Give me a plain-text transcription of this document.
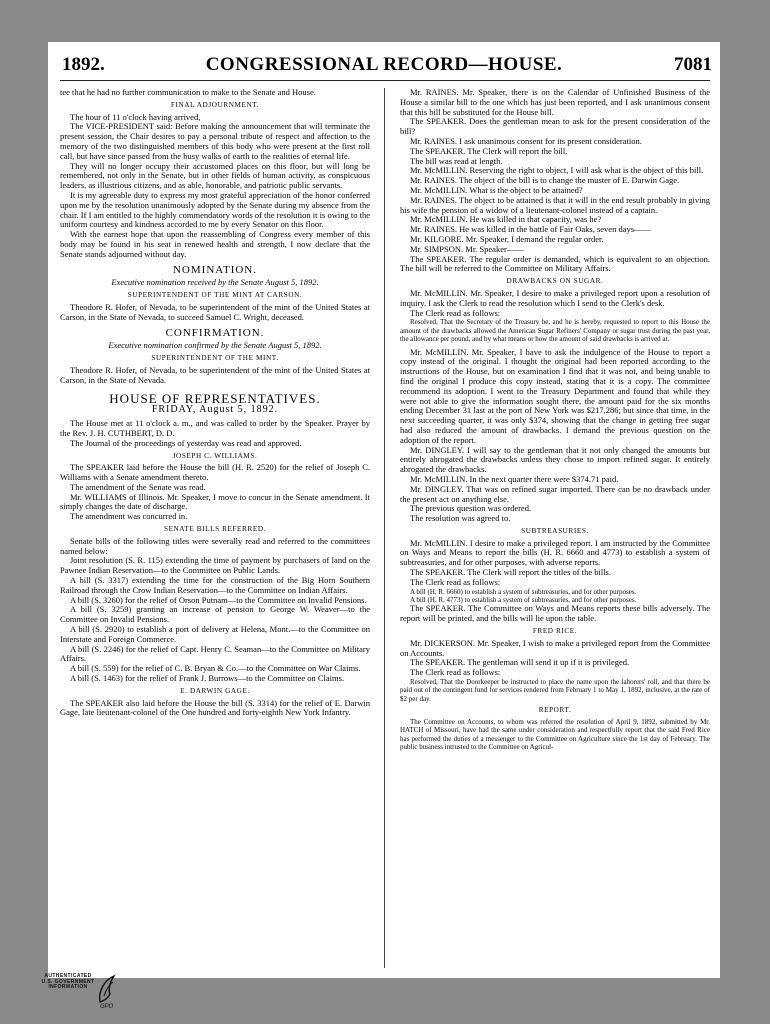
1892.	CONGRESSIONAL RECORD—HOUSE.	7081

tee that he had no further communication to make to the Senate and House.

FINAL ADJOURNMENT.

The hour of 11 o'clock having arrived,

The VICE-PRESIDENT said: Before making the announcement that will terminate the present session, the Chair desires to pay a personal tribute of respect and affection to the memory of the two distinguished members of this body who were present at the first roll call, but have since passed from the busy walks of earth to the realities of eternal life.

They will no longer occupy their accustomed places on this floor, but will long be remembered, not only in the Senate, but in other fields of human activity, as conspicuous leaders, as illustrious citizens, and as able, honorable, and patriotic public servants.

It is my agreeable duty to express my most grateful appreciation of the honor conferred upon me by the resolution unanimously adopted by the Senate during my absence from the chair. If I am entitled to the highly commendatory words of the resolution it is owing to the uniform courtesy and kindness accorded to me by every Senator on this floor.

With the earnest hope that upon the reassembling of Congress every member of this body may be found in his seat in renewed health and strength, I now declare that the Senate stands adjourned without day.

NOMINATION.
Executive nomination received by the Senate August 5, 1892.
SUPERINTENDENT OF THE MINT AT CARSON.

Theodore R. Hofer, of Nevada, to be superintendent of the mint of the United States at Carson, in the State of Nevada, to succeed Samuel C. Wright, deceased.

CONFIRMATION.
Executive nomination confirmed by the Senate August 5, 1892.
SUPERINTENDENT OF THE MINT.

Theodore R. Hofer, of Nevada, to be superintendent of the mint of the United States at Carson, in the State of Nevada.

HOUSE OF REPRESENTATIVES.
FRIDAY, August 5, 1892.

The House met at 11 o'clock a. m., and was called to order by the Speaker. Prayer by the Rev. J. H. CUTHBERT, D. D.

The Journal of the proceedings of yesterday was read and approved.

JOSEPH C. WILLIAMS.

The SPEAKER laid before the House the bill (H. R. 2520) for the relief of Joseph C. Williams with a Senate amendment thereto.

The amendment of the Senate was read.

Mr. WILLIAMS of Illinois. Mr. Speaker, I move to concur in the Senate amendment. It simply changes the date of discharge.

The amendment was concurred in.

SENATE BILLS REFERRED.

Senate bills of the following titles were severally read and referred to the committees named below:

Joint resolution (S. R. 115) extending the time of payment by purchasers of land on the Pawnee Indian Reservation—to the Committee on Public Lands.

A bill (S. 3317) extending the time for the construction of the Big Horn Southern Railroad through the Crow Indian Reservation—to the Committee on Indian Affairs.

A bill (S. 3260) for the relief of Orson Putnam—to the Committee on Invalid Pensions.

A bill (S. 3259) granting an increase of pension to George W. Weaver—to the Committee on Invalid Pensions.

A bill (S. 2920) to establish a port of delivery at Helena, Mont.—to the Committee on Interstate and Foreign Commerce.

A bill (S. 2246) for the relief of Capt. Henry C. Seaman—to the Committee on Military Affairs.

A bill (S. 559) for the relief of C. B. Bryan & Co.—to the Committee on War Claims.

A bill (S. 1463) for the relief of Frank J. Burrows—to the Committee on Claims.

E. DARWIN GAGE.

The SPEAKER also laid before the House the bill (S. 3314) for the relief of E. Darwin Gage, late lieutenant-colonel of the One hundred and forty-eighth New York Infantry.

Mr. RAINES. Mr. Speaker, there is on the Calendar of Unfinished Business of the House a similar bill to the one which has just been reported, and I ask unanimous consent that this bill be substituted for the House bill.

The SPEAKER. Does the gentleman mean to ask for the present consideration of the bill?

Mr. RAINES. I ask unanimous consent for its present consideration.

The SPEAKER. The Clerk will report the bill.

The bill was read at length.

Mr. McMILLIN. Reserving the right to object, I will ask what is the object of this bill.

Mr. RAINES. The object of the bill is to change the muster of E. Darwin Gage.

Mr. McMILLIN. What is the object to be attained?

Mr. RAINES. The object to be attained is that it will in the end result probably in giving his wife the pension of a widow of a lieutenant-colonel instead of a captain.

Mr. McMILLIN. He was killed in that capacity, was he?

Mr. RAINES. He was killed in the battle of Fair Oaks, seven days——

Mr. KILGORE. Mr. Speaker, I demand the regular order.

Mr. SIMPSON. Mr. Speaker——

The SPEAKER. The regular order is demanded, which is equivalent to an objection. The bill will be referred to the Committee on Military Affairs.

DRAWBACKS ON SUGAR.

Mr. McMILLIN. Mr. Speaker, I desire to make a privileged report upon a resolution of inquiry. I ask the Clerk to read the resolution which I send to the Clerk's desk.

The Clerk read as follows:

Resolved, That the Secretary of the Treasury be, and he is hereby, requested to report to this House the amount of the drawbacks allowed the American Sugar Refiners' Company or sugar trust during the past year, the allowance per pound, and by what means or how the amount of said drawbacks is arrived at.

Mr. McMILLIN. Mr. Speaker, I have to ask the indulgence of the House to report a copy instead of the original. I thought the original had been reported according to the instructions of the House, but on examination I find that it was not, and being unable to find the original I produce this copy instead, stating that it is a copy. The committee recommend its adoption. I went to the Treasury Department and found that while they were not able to give the information sought there, the amount paid for the six months ending December 31 last at the port of New York was $217,286; but since that time, in the next succeeding quarter, it was only $374, showing that the change in getting free sugar had also reduced the amount of drawbacks. I demand the previous question on the adoption of the report.

Mr. DINGLEY. I will say to the gentleman that it not only changed the amounts but entirely abrogated the drawbacks unless they chose to import refined sugar. It entirely abrogated the drawbacks.

Mr. McMILLIN. In the next quarter there were $374.71 paid.

Mr. DINGLEY. That was on refined sugar imported. There can be no drawback under the present act on anything else.

The previous question was ordered.

The resolution was agreed to.

SUBTREASURIES.

Mr. McMILLIN. I desire to make a privileged report. I am instructed by the Committee on Ways and Means to report the bills (H. R. 6660 and 4773) to establish a system of subtreasuries, and for other purposes, with adverse reports.

The SPEAKER. The Clerk will report the titles of the bills.

The Clerk read as follows:

A bill (H. R. 6660) to establish a system of subtreasuries, and for other purposes.

A bill (H. R. 4773) to establish a system of subtreasuries, and for other purposes.

The SPEAKER. The Committee on Ways and Means reports these bills adversely. The report will be printed, and the bills will lie upon the table.

FRED RICE.

Mr. DICKERSON. Mr. Speaker, I wish to make a privileged report from the Committee on Accounts.

The SPEAKER. The gentleman will send it up if it is privileged.

The Clerk read as follows:

Resolved, That the Doorkeeper be instructed to place the name upon the laborers' roll, and that there be paid out of the contingent fund for services rendered from February 1 to May 1, 1892, inclusive, at the rate of $2 per day.

REPORT.

The Committee on Accounts, to whom was referred the resolution of April 9, 1892, submitted by Mr. HATCH of Missouri, have had the same under consideration and respectfully report that the said Fred Rice has performed the duties of a messenger to the Committee on Agriculture since the 1st day of February. The public business intrusted to the Committee on Agricul-

AUTHENTICATED
U.S. GOVERNMENT
INFORMATION
GPO
